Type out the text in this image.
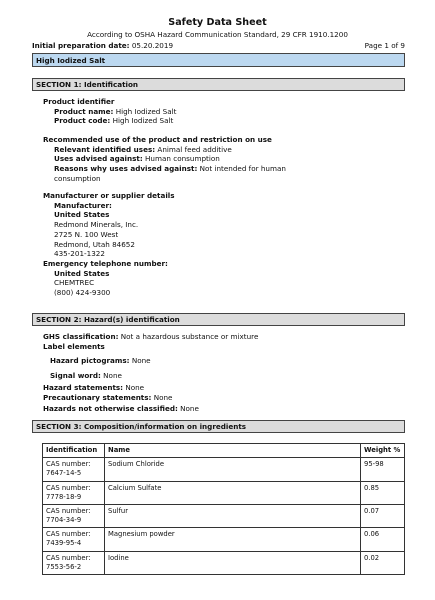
Safety Data Sheet
According to OSHA Hazard Communication Standard, 29 CFR 1910.1200
Initial preparation date: 05.20.2019	Page 1 of 9
High Iodized Salt
SECTION 1: Identification
Product identifier
Product name: High Iodized Salt
Product code: High Iodized Salt
Recommended use of the product and restriction on use
Relevant identified uses: Animal feed additive
Uses advised against: Human consumption
Reasons why uses advised against: Not intended for human
consumption
Manufacturer or supplier details
Manufacturer:
United States
Redmond Minerals, Inc.
2725 N. 100 West
Redmond, Utah 84652
435-201-1322
Emergency telephone number:
United States
CHEMTREC
(800) 424-9300
SECTION 2: Hazard(s) identification
GHS classification: Not a hazardous substance or mixture
Label elements
Hazard pictograms: None
Signal word: None
Hazard statements: None
Precautionary statements: None
Hazards not otherwise classified: None
SECTION 3: Composition/information on ingredients
Identification	Name	Weight %

CAS number:
7647-14-5	Sodium Chloride	95-98

CAS number:
7778-18-9	Calcium Sulfate	0.85

CAS number:
7704-34-9	Sulfur	0.07

CAS number:
7439-95-4	Magnesium powder	0.06

CAS number:
7553-56-2	Iodine	0.02
